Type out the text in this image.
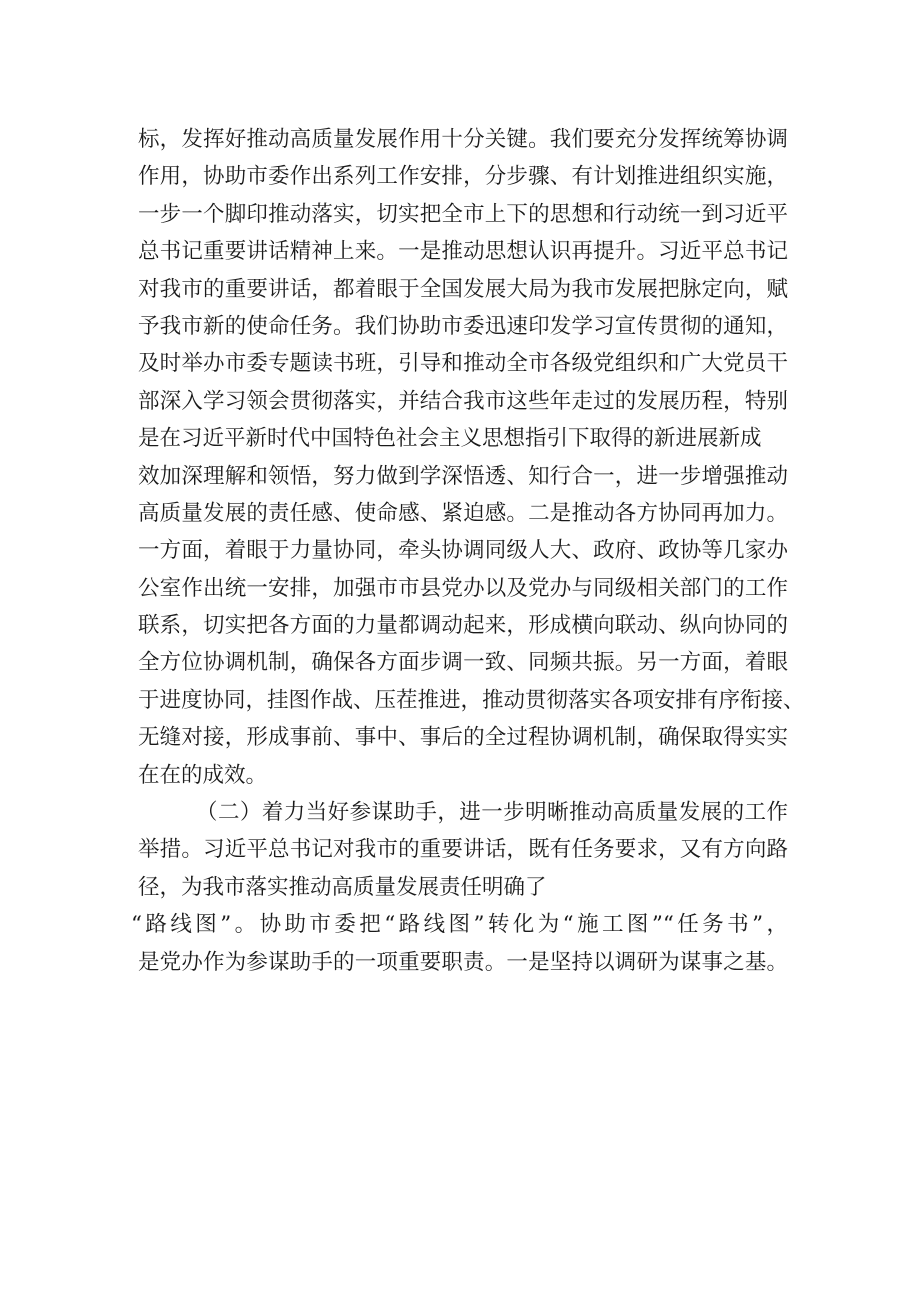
标，发挥好推动高质量发展作用十分关键。我们要充分发挥统筹协调
作用，协助市委作出系列工作安排，分步骤、有计划推进组织实施，
一步一个脚印推动落实，切实把全市上下的思想和行动统一到习近平
总书记重要讲话精神上来。一是推动思想认识再提升。习近平总书记
对我市的重要讲话，都着眼于全国发展大局为我市发展把脉定向，赋
予我市新的使命任务。我们协助市委迅速印发学习宣传贯彻的通知，
及时举办市委专题读书班，引导和推动全市各级党组织和广大党员干
部深入学习领会贯彻落实，并结合我市这些年走过的发展历程，特别
是在习近平新时代中国特色社会主义思想指引下取得的新进展新成
效加深理解和领悟，努力做到学深悟透、知行合一，进一步增强推动
高质量发展的责任感、使命感、紧迫感。二是推动各方协同再加力。
一方面，着眼于力量协同，牵头协调同级人大、政府、政协等几家办
公室作出统一安排，加强市市县党办以及党办与同级相关部门的工作
联系，切实把各方面的力量都调动起来，形成横向联动、纵向协同的
全方位协调机制，确保各方面步调一致、同频共振。另一方面，着眼
于进度协同，挂图作战、压茬推进，推动贯彻落实各项安排有序衔接、
无缝对接，形成事前、事中、事后的全过程协调机制，确保取得实实
在在的成效。
（二）着力当好参谋助手，进一步明晰推动高质量发展的工作
举措。习近平总书记对我市的重要讲话，既有任务要求，又有方向路
径，为我市落实推动高质量发展责任明确了
“路线图”。协助市委把“路线图”转化为“施工图”“任务书”，
是党办作为参谋助手的一项重要职责。一是坚持以调研为谋事之基。
